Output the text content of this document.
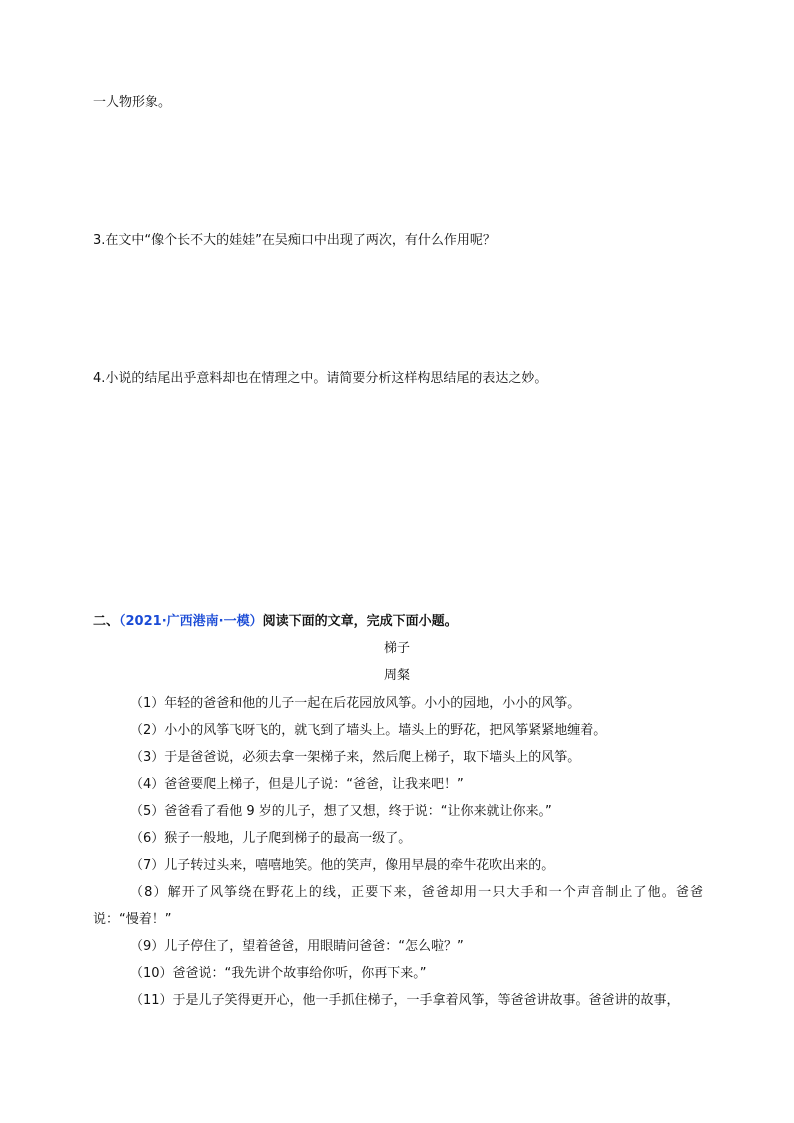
一人物形象。
3.在文中“像个长不大的娃娃”在吴痴口中出现了两次，有什么作用呢？
4.小说的结尾出乎意料却也在情理之中。请简要分析这样构思结尾的表达之妙。
二、（2021·广西港南·一模）阅读下面的文章，完成下面小题。
梯子
周粲
（1）年轻的爸爸和他的儿子一起在后花园放风筝。小小的园地，小小的风筝。
（2）小小的风筝飞呀飞的，就飞到了墙头上。墙头上的野花，把风筝紧紧地缠着。
（3）于是爸爸说，必须去拿一架梯子来，然后爬上梯子，取下墙头上的风筝。
（4）爸爸要爬上梯子，但是儿子说：“爸爸，让我来吧！”
（5）爸爸看了看他 9 岁的儿子，想了又想，终于说：“让你来就让你来。”
（6）猴子一般地，儿子爬到梯子的最高一级了。
（7）儿子转过头来，嘻嘻地笑。他的笑声，像用早晨的牵牛花吹出来的。
（8）解开了风筝绕在野花上的线，正要下来，爸爸却用一只大手和一个声音制止了他。爸爸说：“慢着！”
（9）儿子停住了，望着爸爸，用眼睛问爸爸：“怎么啦？”
（10）爸爸说：“我先讲个故事给你听，你再下来。”
（11）于是儿子笑得更开心，他一手抓住梯子，一手拿着风筝，等爸爸讲故事。爸爸讲的故事，
